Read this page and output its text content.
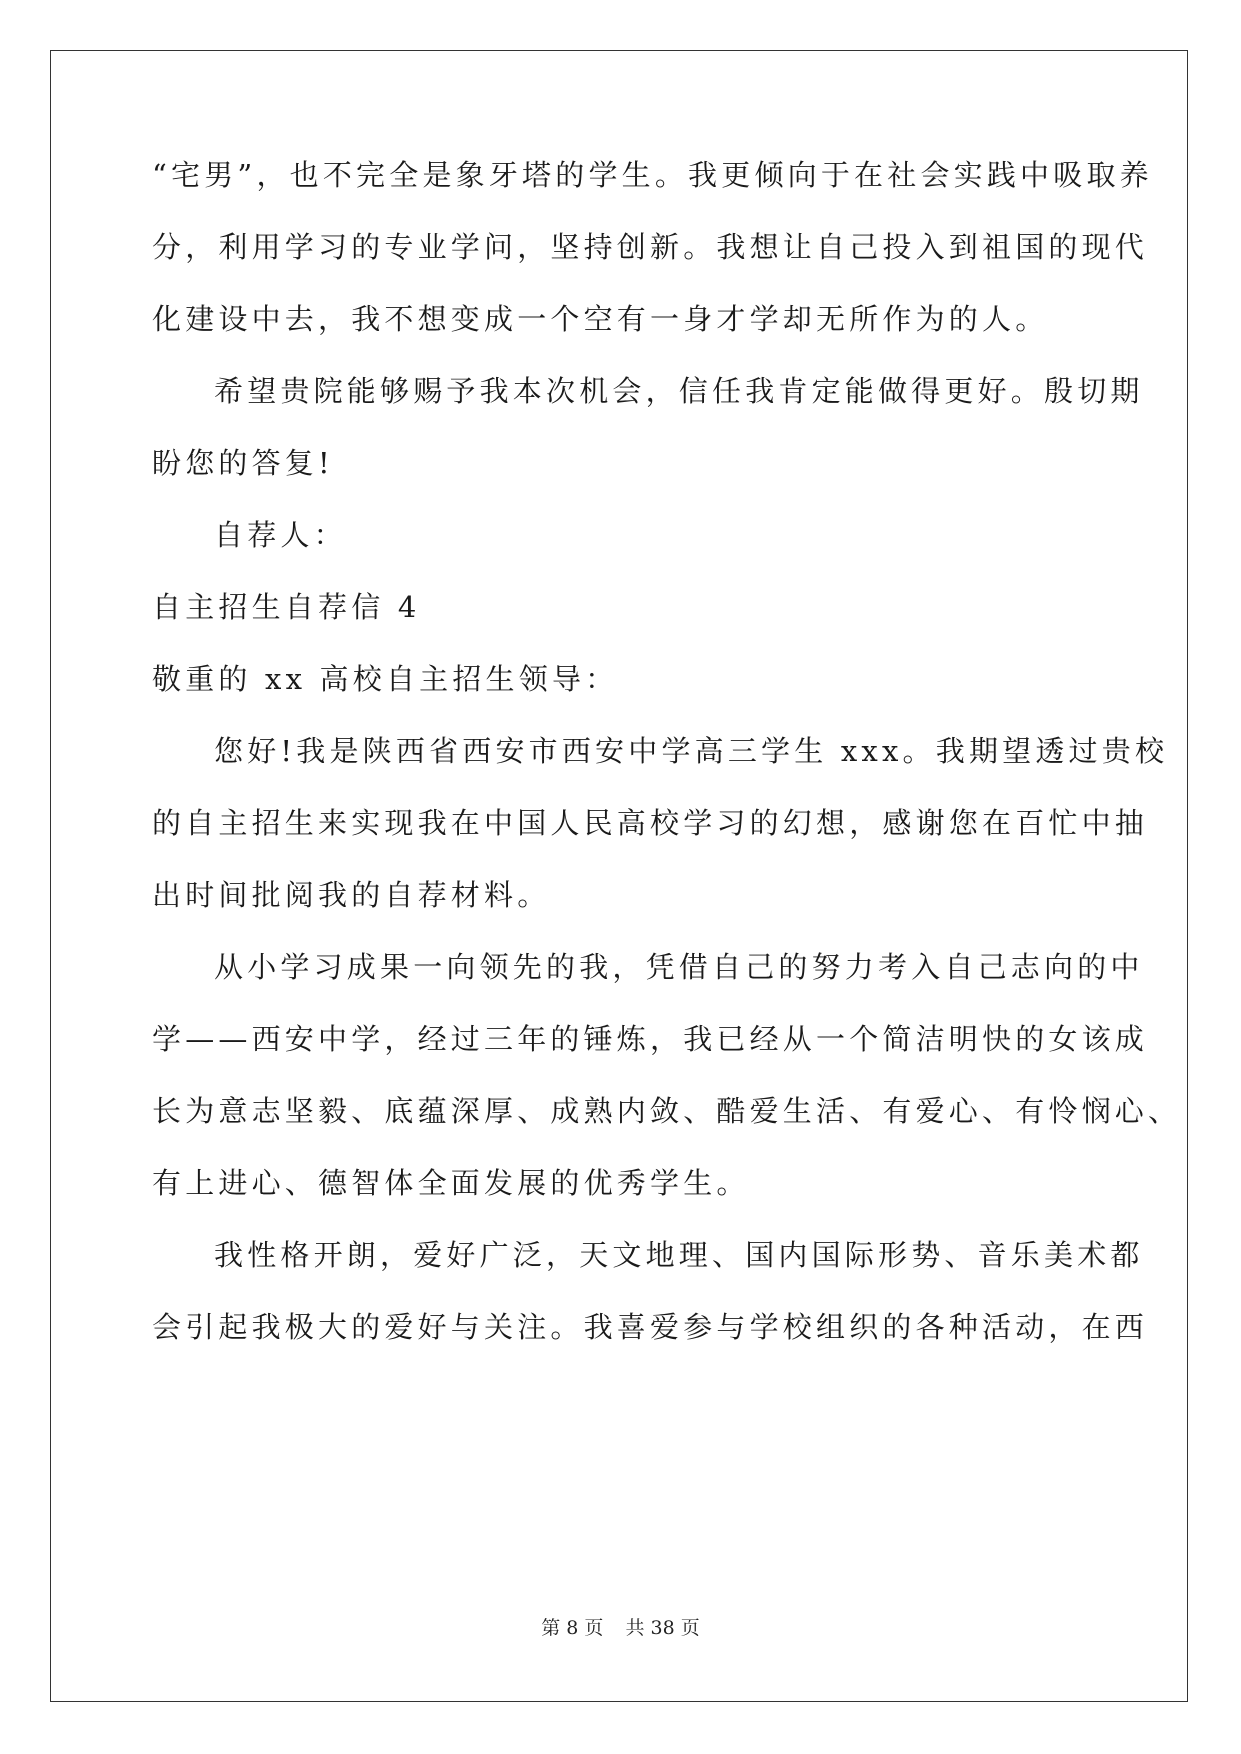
“宅男”，也不完全是象牙塔的学生。我更倾向于在社会实践中吸取养
分，利用学习的专业学问，坚持创新。我想让自己投入到祖国的现代
化建设中去，我不想变成一个空有一身才学却无所作为的人。
希望贵院能够赐予我本次机会，信任我肯定能做得更好。殷切期
盼您的答复!
自荐人：
自主招生自荐信 4
敬重的 xx 高校自主招生领导：
您好!我是陕西省西安市西安中学高三学生 xxx。我期望透过贵校
的自主招生来实现我在中国人民高校学习的幻想，感谢您在百忙中抽
出时间批阅我的自荐材料。
从小学习成果一向领先的我，凭借自己的努力考入自己志向的中
学——西安中学，经过三年的锤炼，我已经从一个简洁明快的女该成
长为意志坚毅、底蕴深厚、成熟内敛、酷爱生活、有爱心、有怜悯心、
有上进心、德智体全面发展的优秀学生。
我性格开朗，爱好广泛，天文地理、国内国际形势、音乐美术都
会引起我极大的爱好与关注。我喜爱参与学校组织的各种活动，在西
第 8 页 共 38 页
